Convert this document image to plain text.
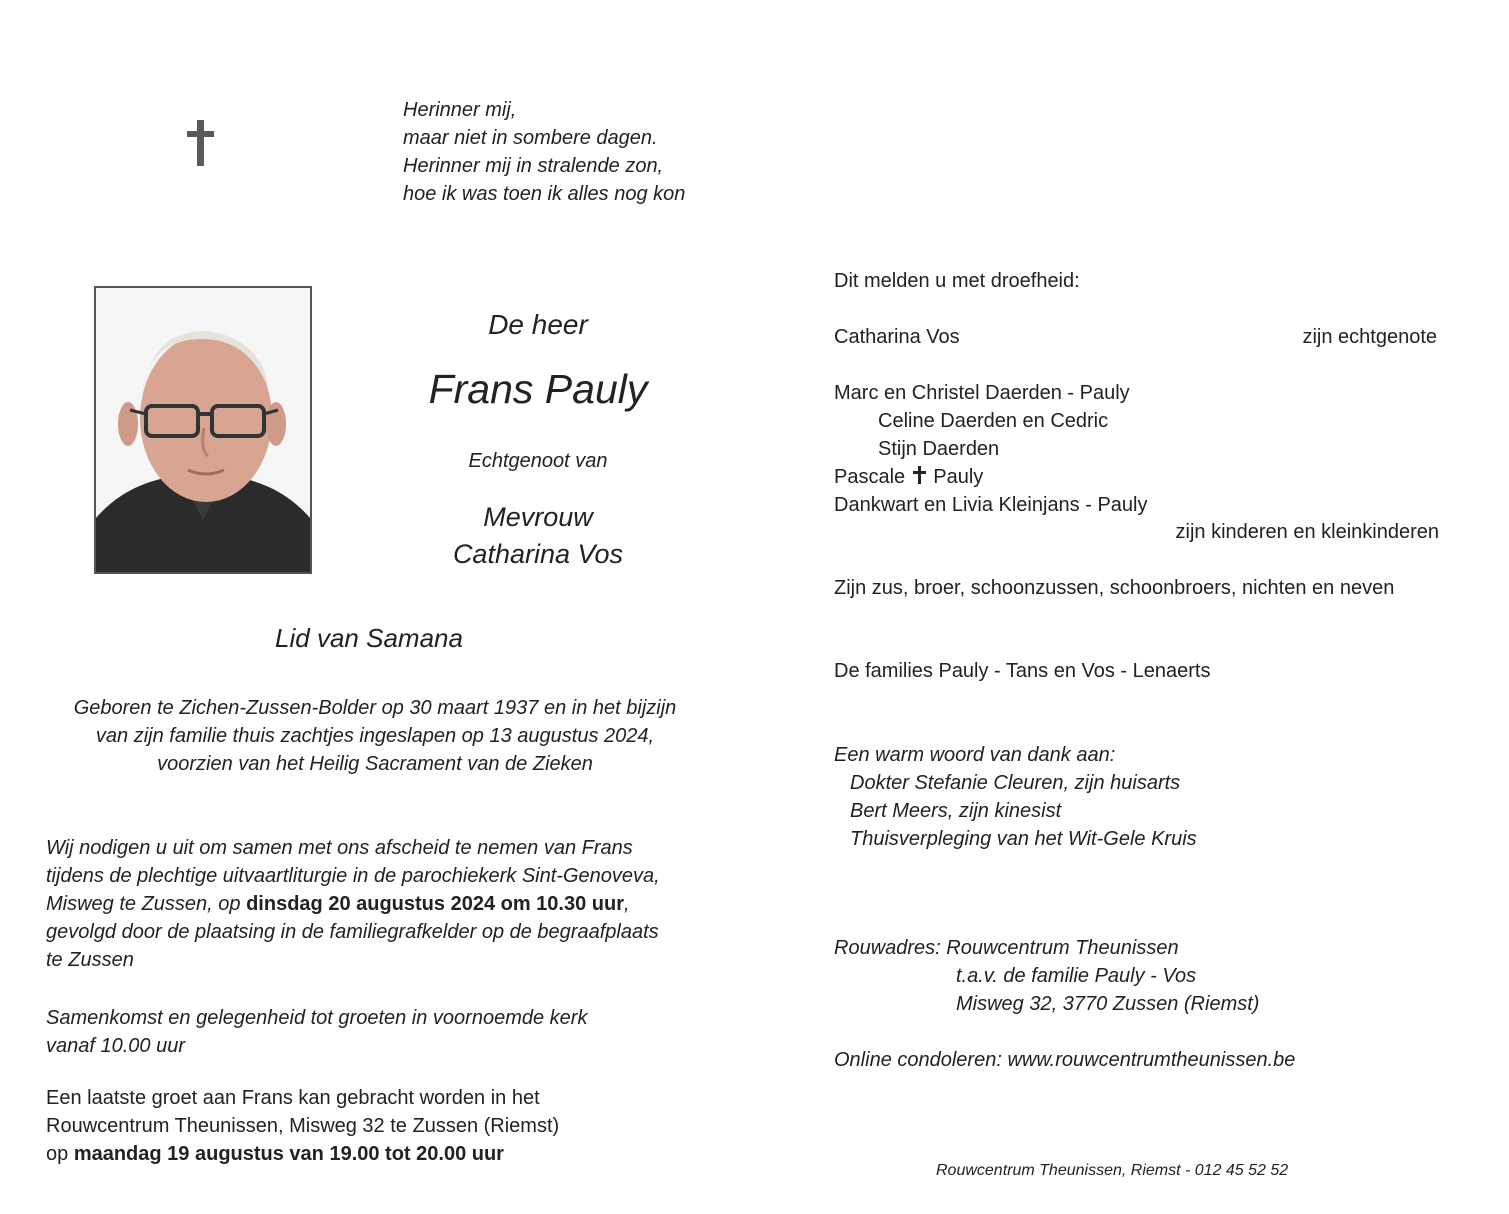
Herinner mij,
maar niet in sombere dagen.
Herinner mij in stralende zon,
hoe ik was toen ik alles nog kon
De heer
Frans Pauly
Echtgenoot van
Mevrouw
Catharina Vos
Lid van Samana
Geboren te Zichen-Zussen-Bolder op 30 maart 1937 en in het bijzijn
van zijn familie thuis zachtjes ingeslapen op 13 augustus 2024,
voorzien van het Heilig Sacrament van de Zieken
Wij nodigen u uit om samen met ons afscheid te nemen van Frans
tijdens de plechtige uitvaartliturgie in de parochiekerk Sint-Genoveva,
Misweg te Zussen, op dinsdag 20 augustus 2024 om 10.30 uur,
gevolgd door de plaatsing in de familiegrafkelder op de begraafplaats
te Zussen
Samenkomst en gelegenheid tot groeten in voornoemde kerk
vanaf 10.00 uur
Een laatste groet aan Frans kan gebracht worden in het
Rouwcentrum Theunissen, Misweg 32 te Zussen (Riemst)
op maandag 19 augustus van 19.00 tot 20.00 uur
Dit melden u met droefheid:
Catharina Vos	zijn echtgenote
Marc en Christel Daerden - Pauly
Celine Daerden en Cedric
Stijn Daerden
Pascale Pauly
Dankwart en Livia Kleinjans - Pauly
zijn kinderen en kleinkinderen
Zijn zus, broer, schoonzussen, schoonbroers, nichten en neven
De families Pauly - Tans en Vos - Lenaerts
Een warm woord van dank aan:
Dokter Stefanie Cleuren, zijn huisarts
Bert Meers, zijn kinesist
Thuisverpleging van het Wit-Gele Kruis
Rouwadres: Rouwcentrum Theunissen
t.a.v. de familie Pauly - Vos
Misweg 32, 3770 Zussen (Riemst)
Online condoleren: www.rouwcentrumtheunissen.be
Rouwcentrum Theunissen, Riemst - 012 45 52 52
